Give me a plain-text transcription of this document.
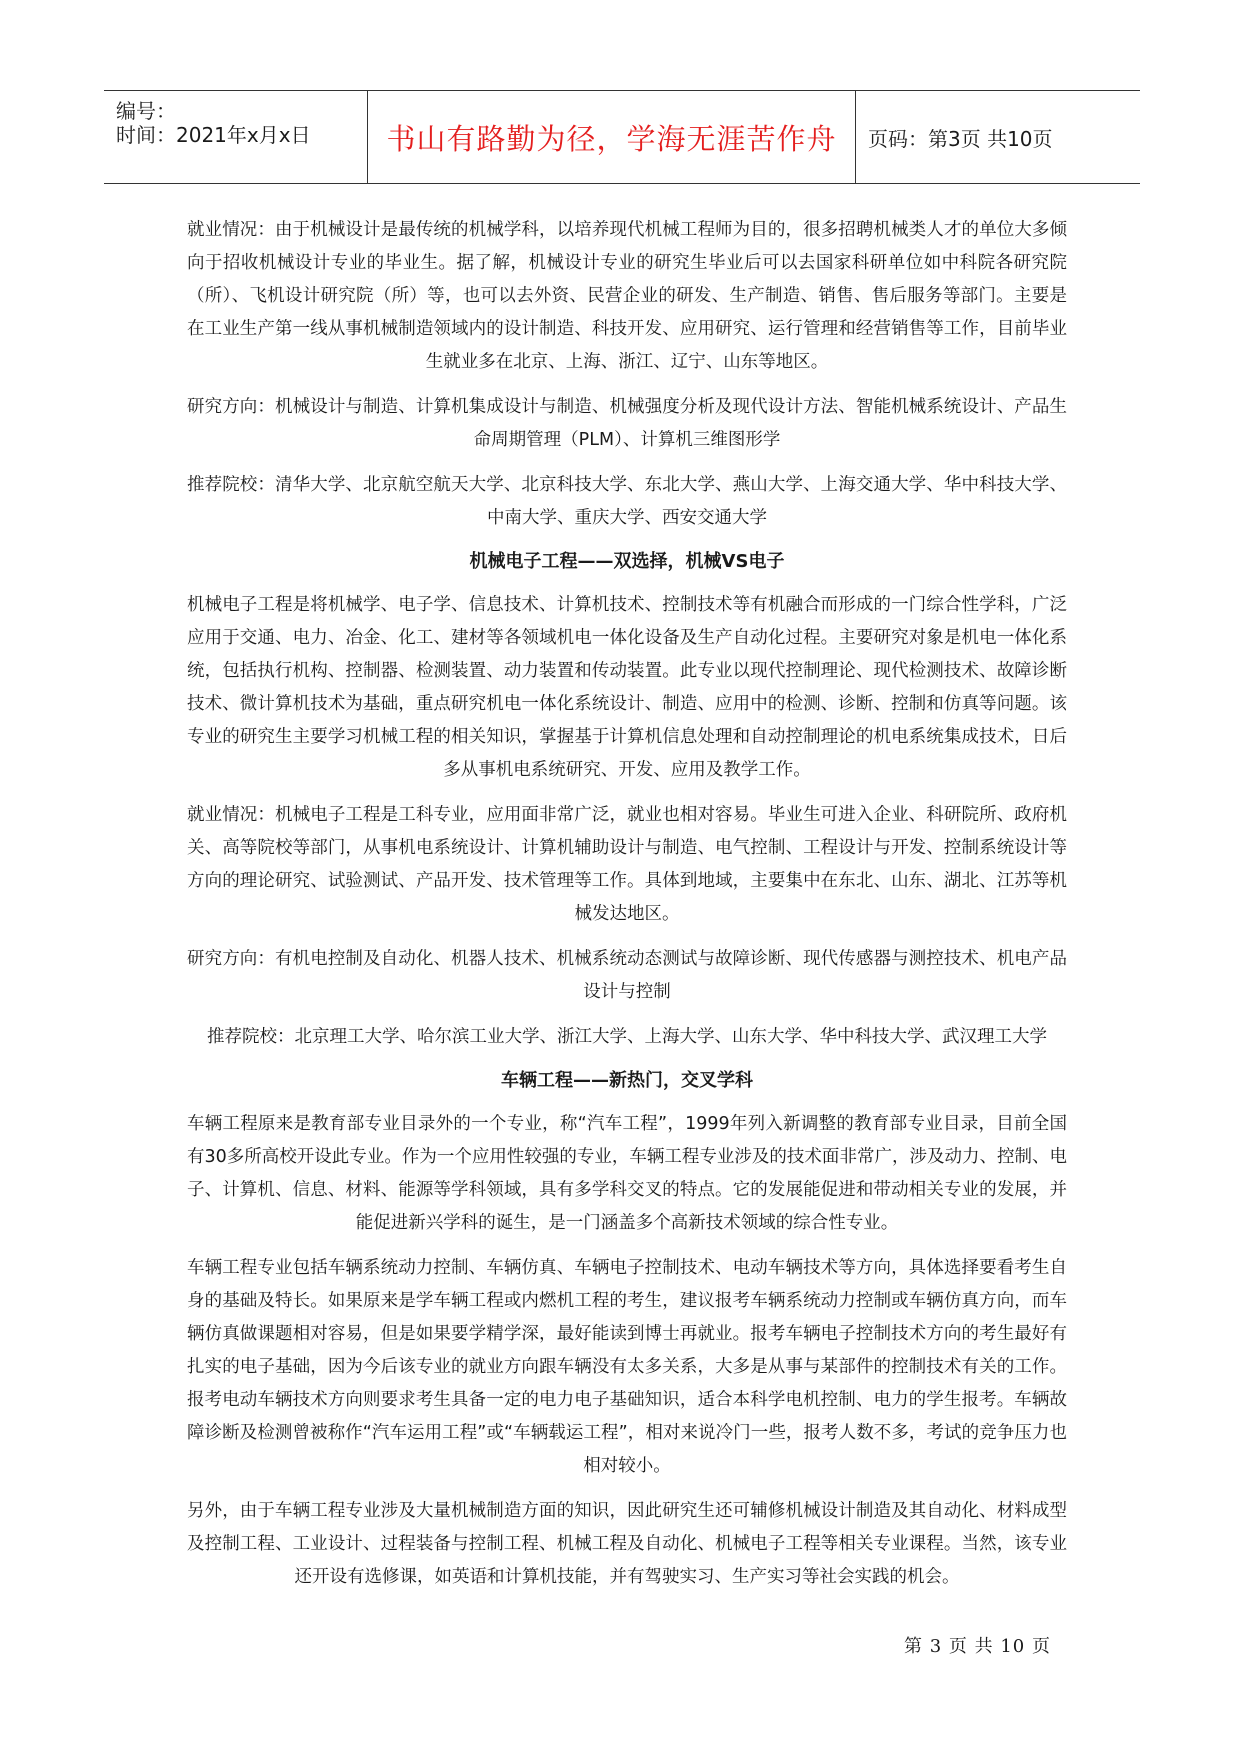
编号：
时间：2021年x月x日	书山有路勤为径，学海无涯苦作舟 页码：第3页 共10页

就业情况：由于机械设计是最传统的机械学科，以培养现代机械工程师为目的，很多招聘机械类人才的单位大多倾向于招收机械设计专业的毕业生。据了解，机械设计专业的研究生毕业后可以去国家科研单位如中科院各研究院（所）、飞机设计研究院（所）等，也可以去外资、民营企业的研发、生产制造、销售、售后服务等部门。主要是在工业生产第一线从事机械制造领域内的设计制造、科技开发、应用研究、运行管理和经营销售等工作，目前毕业生就业多在北京、上海、浙江、辽宁、山东等地区。

研究方向：机械设计与制造、计算机集成设计与制造、机械强度分析及现代设计方法、智能机械系统设计、产品生命周期管理（PLM）、计算机三维图形学

推荐院校：清华大学、北京航空航天大学、北京科技大学、东北大学、燕山大学、上海交通大学、华中科技大学、中南大学、重庆大学、西安交通大学

机械电子工程——双选择，机械VS电子

机械电子工程是将机械学、电子学、信息技术、计算机技术、控制技术等有机融合而形成的一门综合性学科，广泛应用于交通、电力、冶金、化工、建材等各领域机电一体化设备及生产自动化过程。主要研究对象是机电一体化系统，包括执行机构、控制器、检测装置、动力装置和传动装置。此专业以现代控制理论、现代检测技术、故障诊断技术、微计算机技术为基础，重点研究机电一体化系统设计、制造、应用中的检测、诊断、控制和仿真等问题。该专业的研究生主要学习机械工程的相关知识，掌握基于计算机信息处理和自动控制理论的机电系统集成技术，日后多从事机电系统研究、开发、应用及教学工作。

就业情况：机械电子工程是工科专业，应用面非常广泛，就业也相对容易。毕业生可进入企业、科研院所、政府机关、高等院校等部门，从事机电系统设计、计算机辅助设计与制造、电气控制、工程设计与开发、控制系统设计等方向的理论研究、试验测试、产品开发、技术管理等工作。具体到地域，主要集中在东北、山东、湖北、江苏等机械发达地区。

研究方向：有机电控制及自动化、机器人技术、机械系统动态测试与故障诊断、现代传感器与测控技术、机电产品设计与控制

推荐院校：北京理工大学、哈尔滨工业大学、浙江大学、上海大学、山东大学、华中科技大学、武汉理工大学

车辆工程——新热门，交叉学科

车辆工程原来是教育部专业目录外的一个专业，称“汽车工程”，1999年列入新调整的教育部专业目录，目前全国有30多所高校开设此专业。作为一个应用性较强的专业，车辆工程专业涉及的技术面非常广，涉及动力、控制、电子、计算机、信息、材料、能源等学科领域，具有多学科交叉的特点。它的发展能促进和带动相关专业的发展，并能促进新兴学科的诞生，是一门涵盖多个高新技术领域的综合性专业。

车辆工程专业包括车辆系统动力控制、车辆仿真、车辆电子控制技术、电动车辆技术等方向，具体选择要看考生自身的基础及特长。如果原来是学车辆工程或内燃机工程的考生，建议报考车辆系统动力控制或车辆仿真方向，而车辆仿真做课题相对容易，但是如果要学精学深，最好能读到博士再就业。报考车辆电子控制技术方向的考生最好有扎实的电子基础，因为今后该专业的就业方向跟车辆没有太多关系，大多是从事与某部件的控制技术有关的工作。报考电动车辆技术方向则要求考生具备一定的电力电子基础知识，适合本科学电机控制、电力的学生报考。车辆故障诊断及检测曾被称作“汽车运用工程”或“车辆载运工程”，相对来说冷门一些，报考人数不多，考试的竞争压力也相对较小。

另外，由于车辆工程专业涉及大量机械制造方面的知识，因此研究生还可辅修机械设计制造及其自动化、材料成型及控制工程、工业设计、过程装备与控制工程、机械工程及自动化、机械电子工程等相关专业课程。当然，该专业还开设有选修课，如英语和计算机技能，并有驾驶实习、生产实习等社会实践的机会。

第 3 页 共 10 页
